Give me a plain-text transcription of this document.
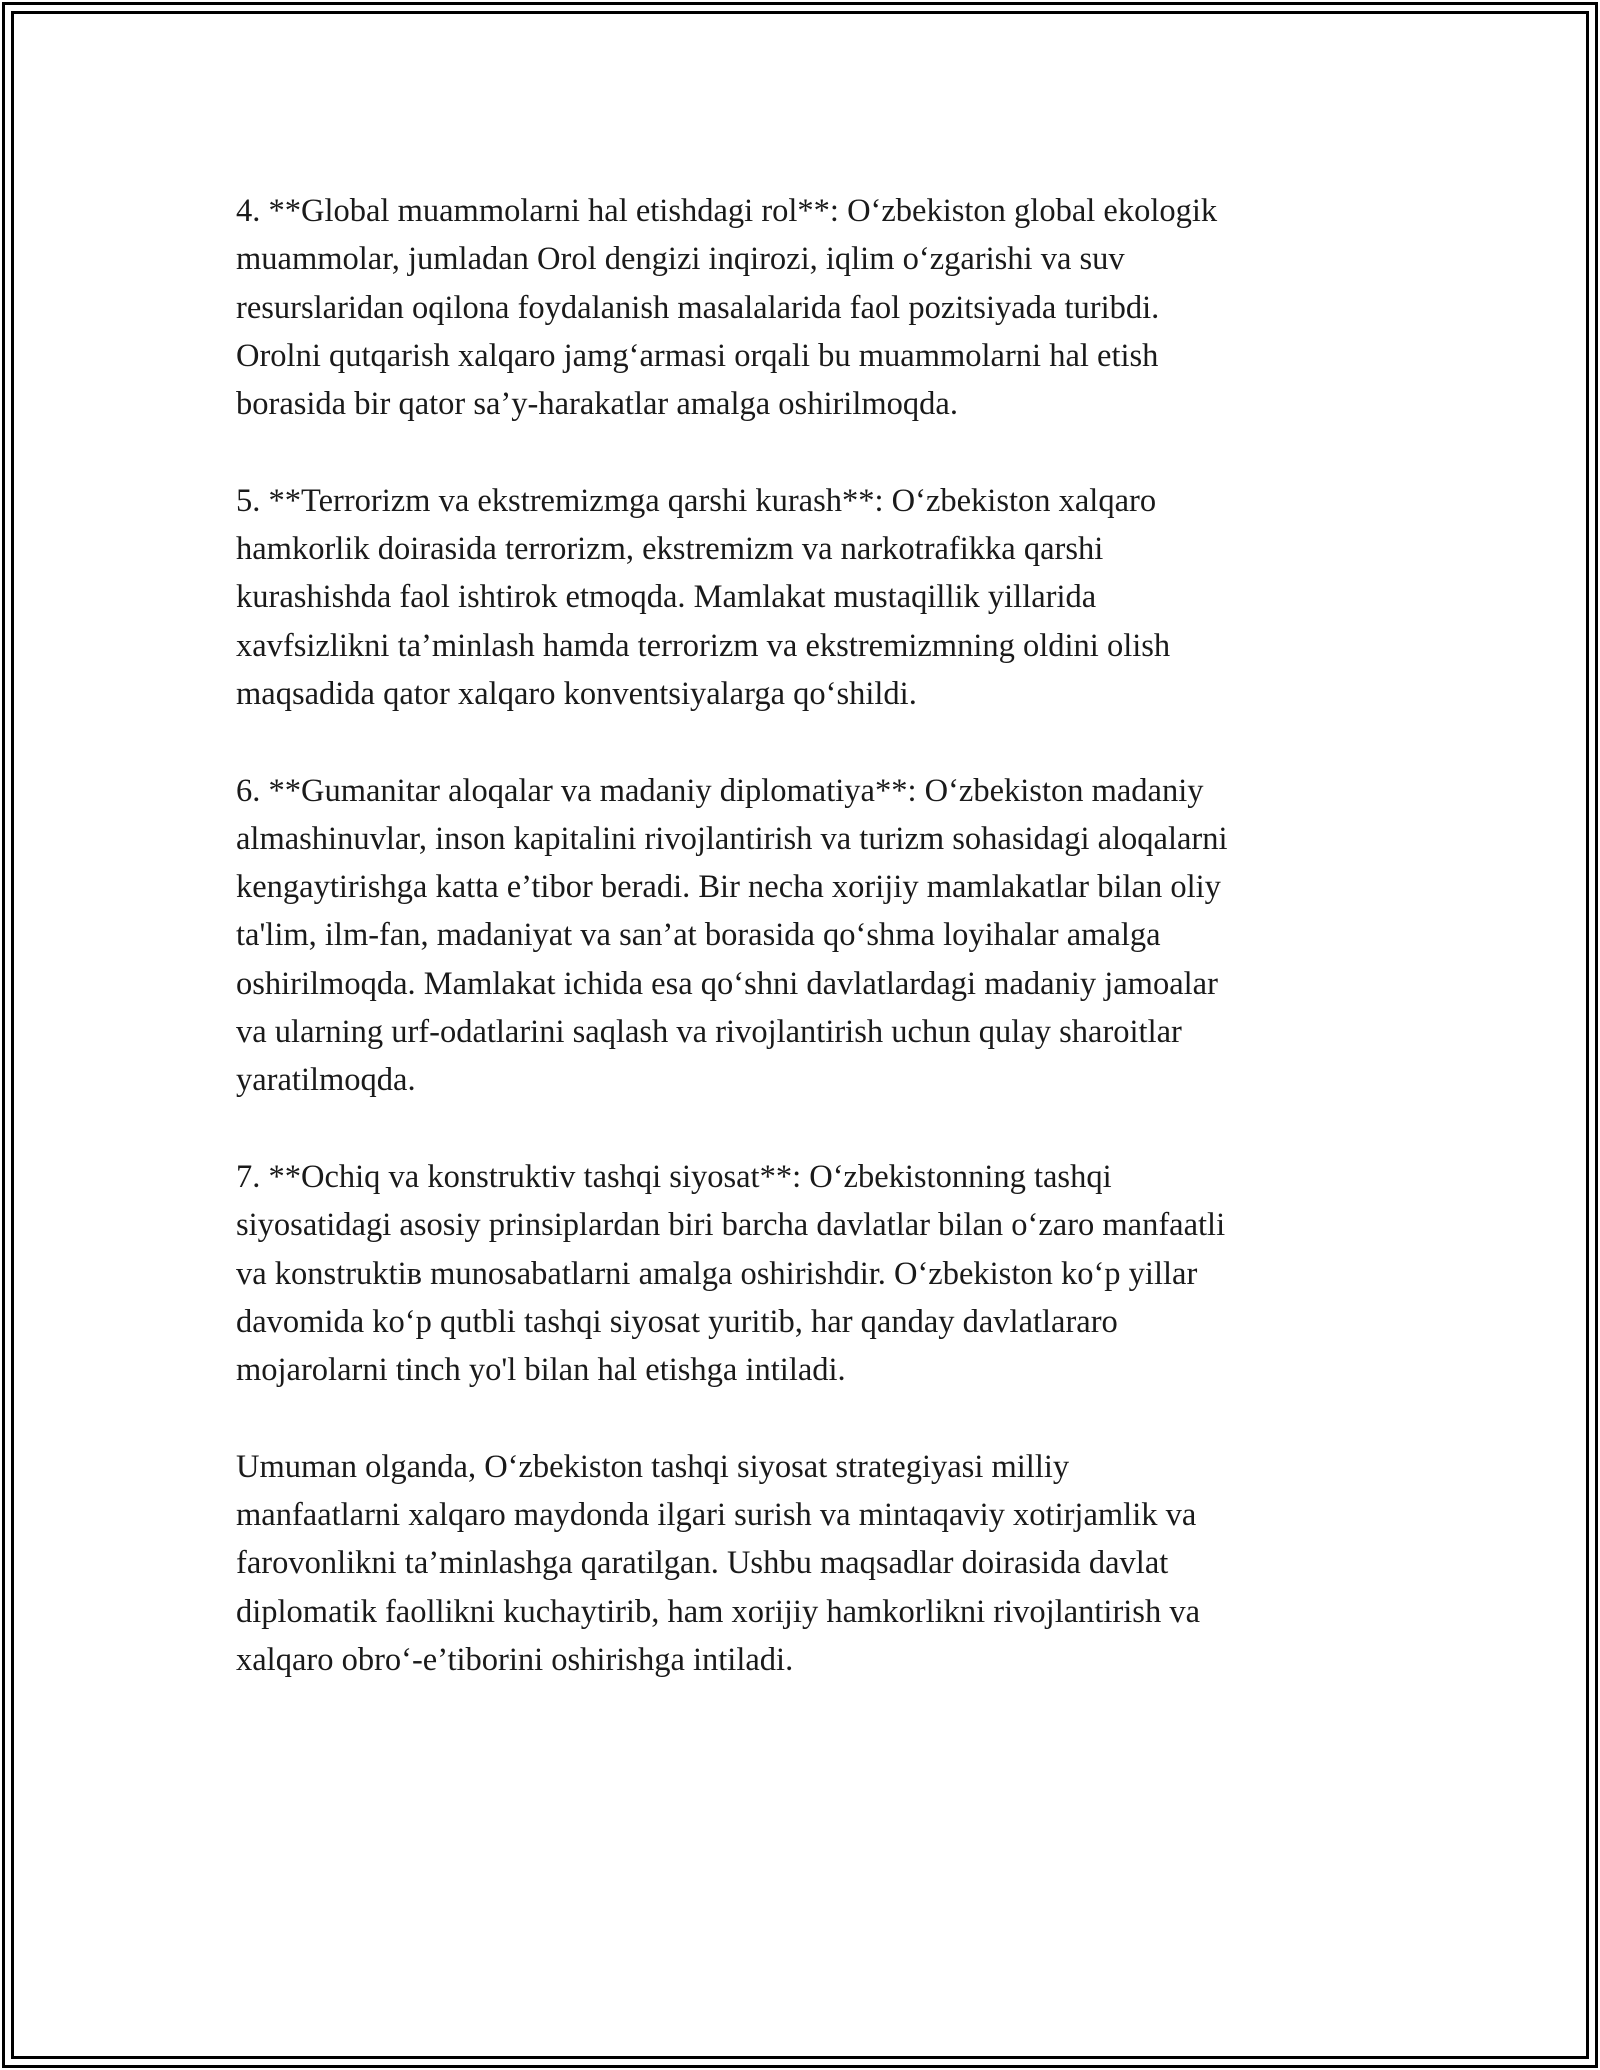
4. **Global muammolarni hal etishdagi rol**: O‘zbekiston global ekologik
muammolar, jumladan Orol dengizi inqirozi, iqlim o‘zgarishi va suv
resurslaridan oqilona foydalanish masalalarida faol pozitsiyada turibdi.
Orolni qutqarish xalqaro jamg‘armasi orqali bu muammolarni hal etish
borasida bir qator sa’y-harakatlar amalga oshirilmoqda.

5. **Terrorizm va ekstremizmga qarshi kurash**: O‘zbekiston xalqaro
hamkorlik doirasida terrorizm, ekstremizm va narkotrafikka qarshi
kurashishda faol ishtirok etmoqda. Mamlakat mustaqillik yillarida
xavfsizlikni ta’minlash hamda terrorizm va ekstremizmning oldini olish
maqsadida qator xalqaro konventsiyalarga qo‘shildi.

6. **Gumanitar aloqalar va madaniy diplomatiya**: O‘zbekiston madaniy
almashinuvlar, inson kapitalini rivojlantirish va turizm sohasidagi aloqalarni
kengaytirishga katta e’tibor beradi. Bir necha xorijiy mamlakatlar bilan oliy
ta'lim, ilm-fan, madaniyat va san’at borasida qo‘shma loyihalar amalga
oshirilmoqda. Mamlakat ichida esa qo‘shni davlatlardagi madaniy jamoalar
va ularning urf-odatlarini saqlash va rivojlantirish uchun qulay sharoitlar
yaratilmoqda.

7. **Ochiq va konstruktiv tashqi siyosat**: O‘zbekistonning tashqi
siyosatidagi asosiy prinsiplardan biri barcha davlatlar bilan o‘zaro manfaatli
va konstruktiв munosabatlarni amalga oshirishdir. O‘zbekiston ko‘p yillar
davomida ko‘p qutbli tashqi siyosat yuritib, har qanday davlatlararo
mojarolarni tinch yo'l bilan hal etishga intiladi.

Umuman olganda, O‘zbekiston tashqi siyosat strategiyasi milliy
manfaatlarni xalqaro maydonda ilgari surish va mintaqaviy xotirjamlik va
farovonlikni ta’minlashga qaratilgan. Ushbu maqsadlar doirasida davlat
diplomatik faollikni kuchaytirib, ham xorijiy hamkorlikni rivojlantirish va
xalqaro obro‘-e’tiborini oshirishga intiladi.
